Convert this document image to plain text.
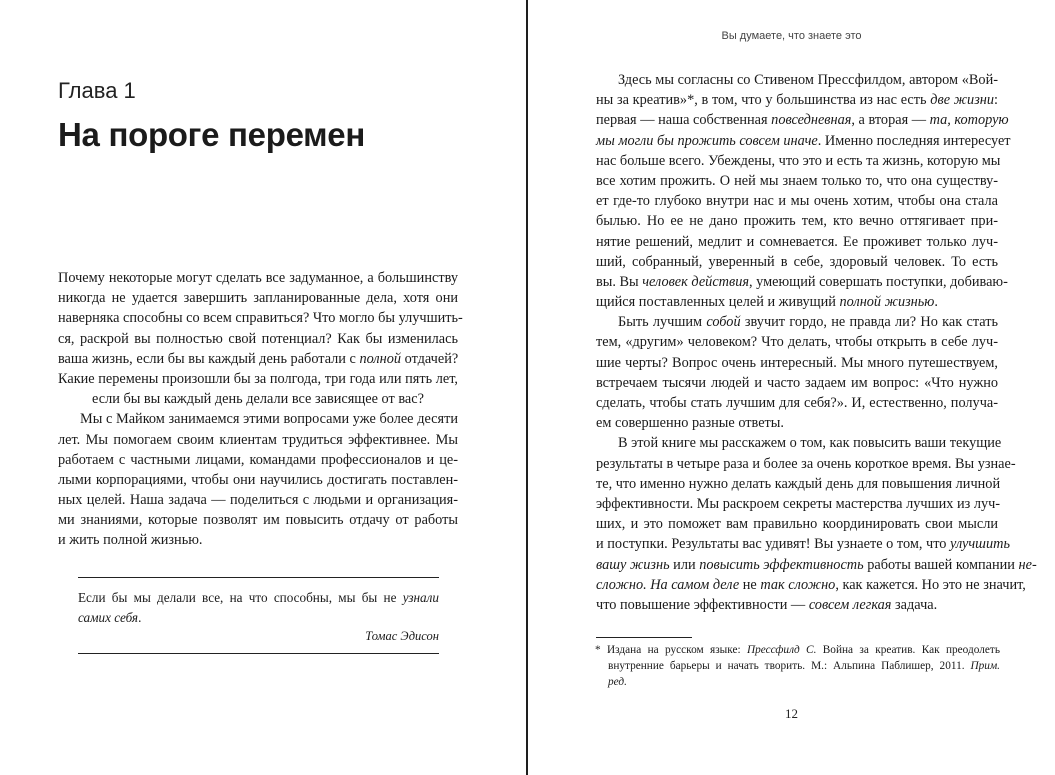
Глава 1
На пороге перемен
Почему некоторые могут сделать все задуманное, а большинству
никогда не удается завершить запланированные дела, хотя они
наверняка способны со всем справиться? Что могло бы улучшить-
ся, раскрой вы полностью свой потенциал? Как бы изменилась
ваша жизнь, если бы вы каждый день работали с полной отдачей?
Какие перемены произошли бы за полгода, три года или пять лет,
если бы вы каждый день делали все зависящее от вас?
Мы с Майком занимаемся этими вопросами уже более десяти
лет. Мы помогаем своим клиентам трудиться эффективнее. Мы
работаем с частными лицами, командами профессионалов и це-
лыми корпорациями, чтобы они научились достигать поставлен-
ных целей. Наша задача — поделиться с людьми и организация-
ми знаниями, которые позволят им повысить отдачу от работы
и жить полной жизнью.
Если бы мы делали все, на что способны, мы бы не узнали
самих себя.
Томас Эдисон
Вы думаете, что знаете это
Здесь мы согласны со Стивеном Прессфилдом, автором «Вой-
ны за креатив»*, в том, что у большинства из нас есть две жизни:
первая — наша собственная повседневная, а вторая — та, которую
мы могли бы прожить совсем иначе. Именно последняя интересует
нас больше всего. Убеждены, что это и есть та жизнь, которую мы
все хотим прожить. О ней мы знаем только то, что она существу-
ет где-то глубоко внутри нас и мы очень хотим, чтобы она стала
былью. Но ее не дано прожить тем, кто вечно оттягивает при-
нятие решений, медлит и сомневается. Ее проживет только луч-
ший, собранный, уверенный в себе, здоровый человек. То есть
вы. Вы человек действия, умеющий совершать поступки, добиваю-
щийся поставленных целей и живущий полной жизнью.
Быть лучшим собой звучит гордо, не правда ли? Но как стать
тем, «другим» человеком? Что делать, чтобы открыть в себе луч-
шие черты? Вопрос очень интересный. Мы много путешествуем,
встречаем тысячи людей и часто задаем им вопрос: «Что нужно
сделать, чтобы стать лучшим для себя?». И, естественно, получа-
ем совершенно разные ответы.
В этой книге мы расскажем о том, как повысить ваши текущие
результаты в четыре раза и более за очень короткое время. Вы узнае-
те, что именно нужно делать каждый день для повышения личной
эффективности. Мы раскроем секреты мастерства лучших из луч-
ших, и это поможет вам правильно координировать свои мысли
и поступки. Результаты вас удивят! Вы узнаете о том, что улучшить
вашу жизнь или повысить эффективность работы вашей компании не-
сложно. На самом деле не так сложно, как кажется. Но это не значит,
что повышение эффективности — совсем легкая задача.
* Издана на русском языке: Прессфилд С. Война за креатив. Как преодолеть
внутренние барьеры и начать творить. М.: Альпина Паблишер, 2011. Прим.
ред.
12
